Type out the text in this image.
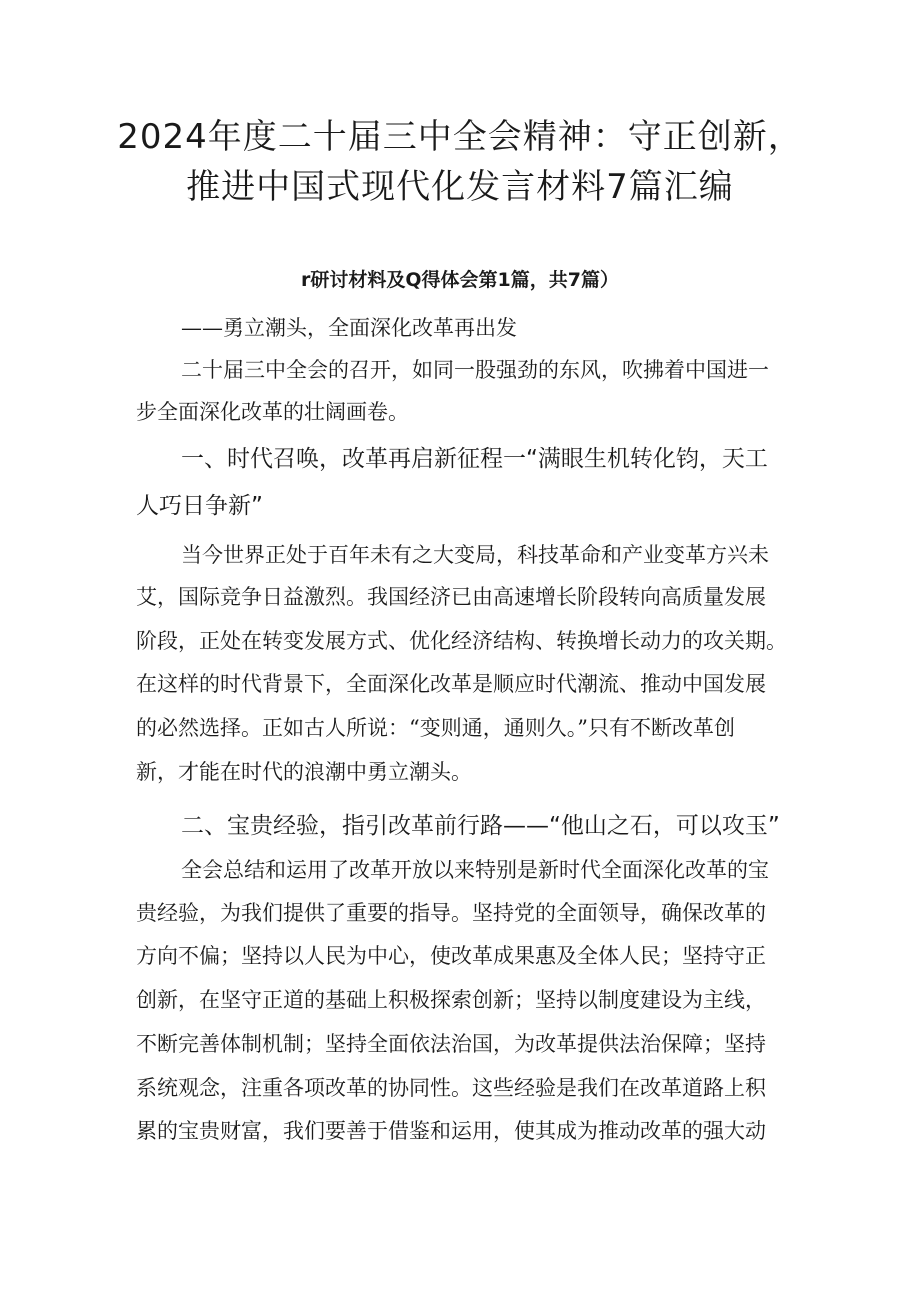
2024年度二十届三中全会精神：守正创新，
推进中国式现代化发言材料7篇汇编
r研讨材料及Q得体会第1篇，共7篇）

——勇立潮头，全面深化改革再出发

二十届三中全会的召开，如同一股强劲的东风，吹拂着中国进一

步全面深化改革的壮阔画卷。

一、时代召唤，改革再启新征程一“满眼生机转化钧，天工
人巧日争新”

当今世界正处于百年未有之大变局，科技革命和产业变革方兴未

艾，国际竞争日益激烈。我国经济已由高速增长阶段转向高质量发展

阶段，正处在转变发展方式、优化经济结构、转换增长动力的攻关期。

在这样的时代背景下，全面深化改革是顺应时代潮流、推动中国发展

的必然选择。正如古人所说：“变则通，通则久。”只有不断改革创

新，才能在时代的浪潮中勇立潮头。

二、宝贵经验，指引改革前行路——“他山之石，可以攻玉”

全会总结和运用了改革开放以来特别是新时代全面深化改革的宝

贵经验，为我们提供了重要的指导。坚持党的全面领导，确保改革的

方向不偏；坚持以人民为中心，使改革成果惠及全体人民；坚持守正

创新，在坚守正道的基础上积极探索创新；坚持以制度建设为主线，

不断完善体制机制；坚持全面依法治国，为改革提供法治保障；坚持

系统观念，注重各项改革的协同性。这些经验是我们在改革道路上积

累的宝贵财富，我们要善于借鉴和运用，使其成为推动改革的强大动
